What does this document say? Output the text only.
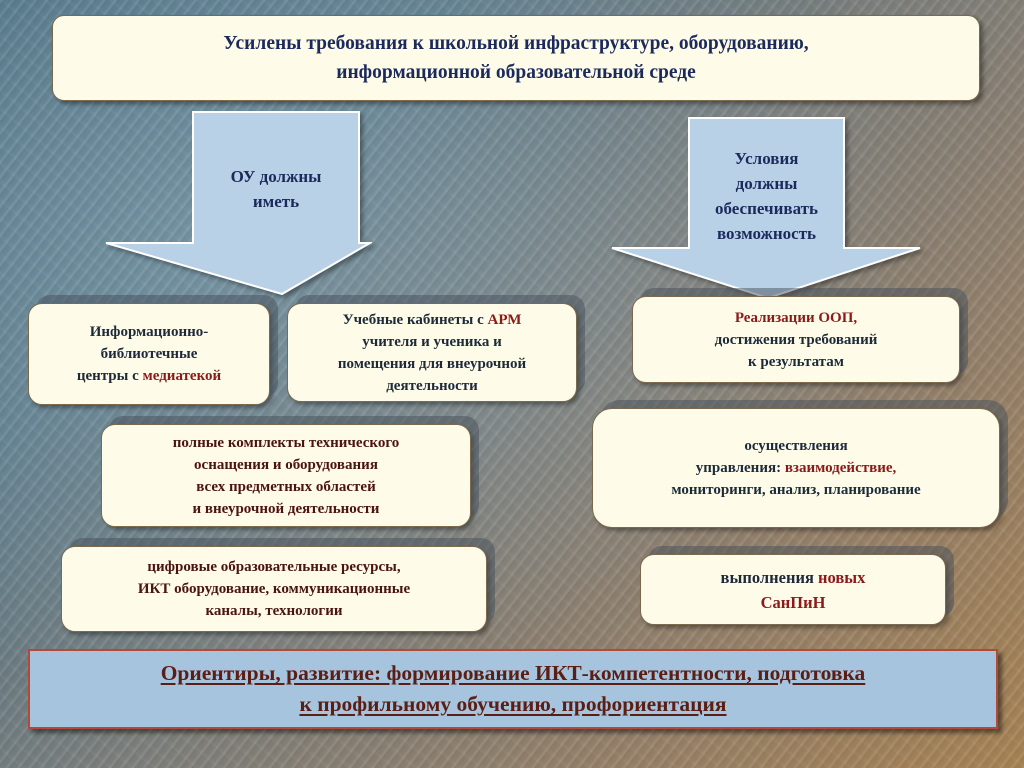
Усилены требования к школьной инфраструктуре, оборудованию,
информационной образовательной среде
ОУ должны
иметь
Условия
должны
обеспечивать
возможность
Информационно-
библиотечные
центры с медиатекой
Учебные кабинеты с АРМ
учителя и ученика и
помещения для внеурочной
деятельности
полные комплекты технического
оснащения и оборудования
всех предметных областей
и внеурочной деятельности
цифровые образовательные ресурсы,
ИКТ оборудование, коммуникационные
каналы, технологии
Реализации ООП,
достижения требований
к результатам
осуществления
управления: взаимодействие,
мониторинги, анализ, планирование
выполнения новых
СанПиН
Ориентиры, развитие: формирование ИКТ-компетентности, подготовка
к профильному обучению, профориентация
